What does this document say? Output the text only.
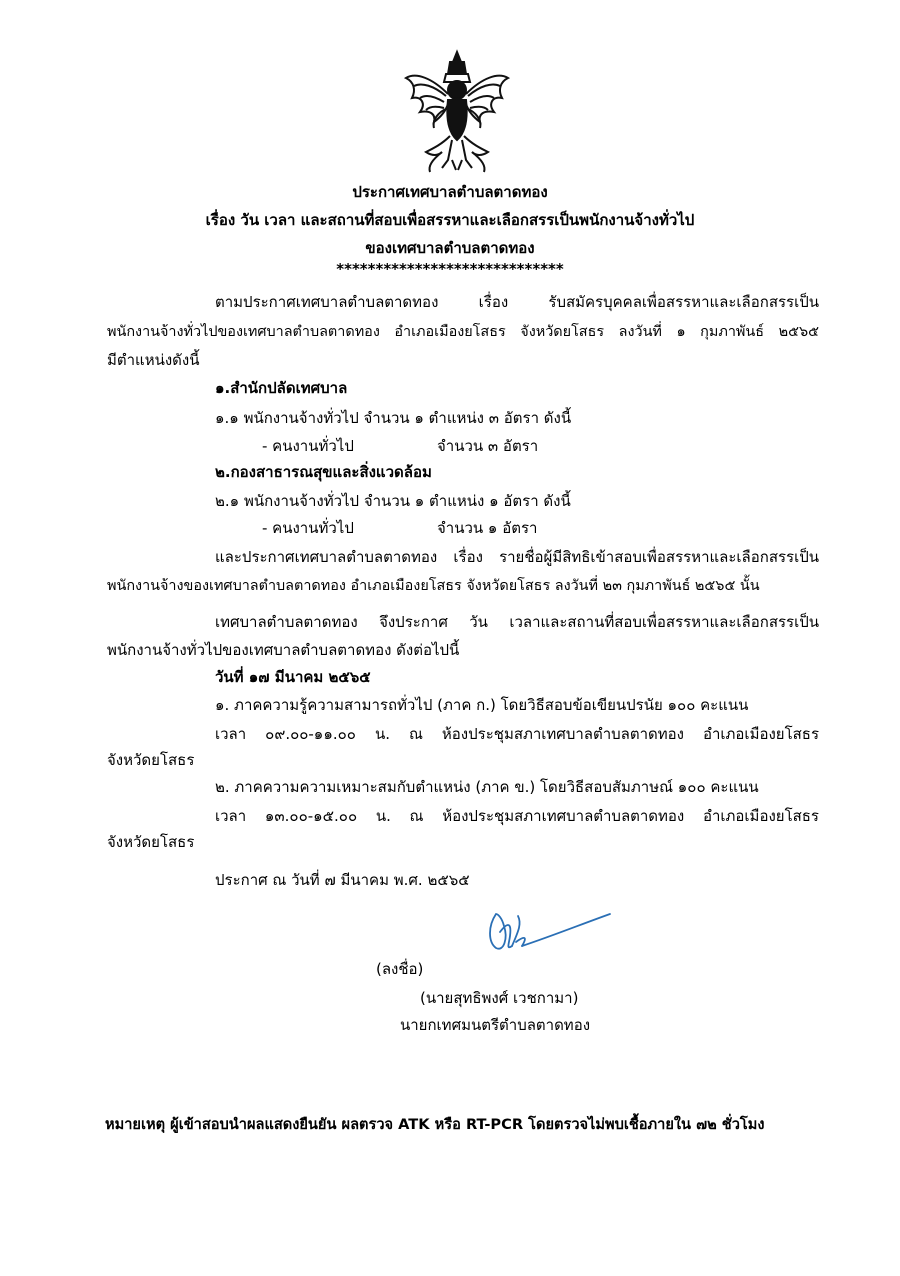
ประกาศเทศบาลตำบลตาดทอง
เรื่อง วัน เวลา และสถานที่สอบเพื่อสรรหาและเลือกสรรเป็นพนักงานจ้างทั่วไป
ของเทศบาลตำบลตาดทอง
*****************************
ตามประกาศเทศบาลตำบลตาดทอง เรื่อง รับสมัครบุคคลเพื่อสรรหาและเลือกสรรเป็น
พนักงานจ้างทั่วไปของเทศบาลตำบลตาดทอง อำเภอเมืองยโสธร จังหวัดยโสธร ลงวันที่ ๑ กุมภาพันธ์ ๒๕๖๕
มีตำแหน่งดังนี้
๑.สำนักปลัดเทศบาล
๑.๑ พนักงานจ้างทั่วไป จำนวน ๑ ตำแหน่ง ๓ อัตรา ดังนี้
- คนงานทั่วไป	จำนวน ๓ อัตรา
๒.กองสาธารณสุขและสิ่งแวดล้อม
๒.๑ พนักงานจ้างทั่วไป จำนวน ๑ ตำแหน่ง ๑ อัตรา ดังนี้
- คนงานทั่วไป	จำนวน ๑ อัตรา
และประกาศเทศบาลตำบลตาดทอง เรื่อง รายชื่อผู้มีสิทธิเข้าสอบเพื่อสรรหาและเลือกสรรเป็น
พนักงานจ้างของเทศบาลตำบลตาดทอง อำเภอเมืองยโสธร จังหวัดยโสธร ลงวันที่ ๒๓ กุมภาพันธ์ ๒๕๖๕ นั้น
เทศบาลตำบลตาดทอง จึงประกาศ วัน เวลาและสถานที่สอบเพื่อสรรหาและเลือกสรรเป็น
พนักงานจ้างทั่วไปของเทศบาลตำบลตาดทอง ดังต่อไปนี้
วันที่ ๑๗ มีนาคม ๒๕๖๕
๑. ภาคความรู้ความสามารถทั่วไป (ภาค ก.) โดยวิธีสอบข้อเขียนปรนัย ๑๐๐ คะแนน
เวลา ๐๙.๐๐-๑๑.๐๐ น. ณ ห้องประชุมสภาเทศบาลตำบลตาดทอง อำเภอเมืองยโสธร
จังหวัดยโสธร
๒. ภาคความความเหมาะสมกับตำแหน่ง (ภาค ข.) โดยวิธีสอบสัมภาษณ์ ๑๐๐ คะแนน
เวลา ๑๓.๐๐-๑๕.๐๐ น. ณ ห้องประชุมสภาเทศบาลตำบลตาดทอง อำเภอเมืองยโสธร
จังหวัดยโสธร
ประกาศ ณ วันที่ ๗ มีนาคม พ.ศ. ๒๕๖๕
(ลงชื่อ)
(นายสุทธิพงศ์ เวชกามา)
นายกเทศมนตรีตำบลตาดทอง
หมายเหตุ ผู้เข้าสอบนำผลแสดงยืนยัน ผลตรวจ ATK หรือ RT-PCR โดยตรวจไม่พบเชื้อภายใน ๗๒ ชั่วโมง
